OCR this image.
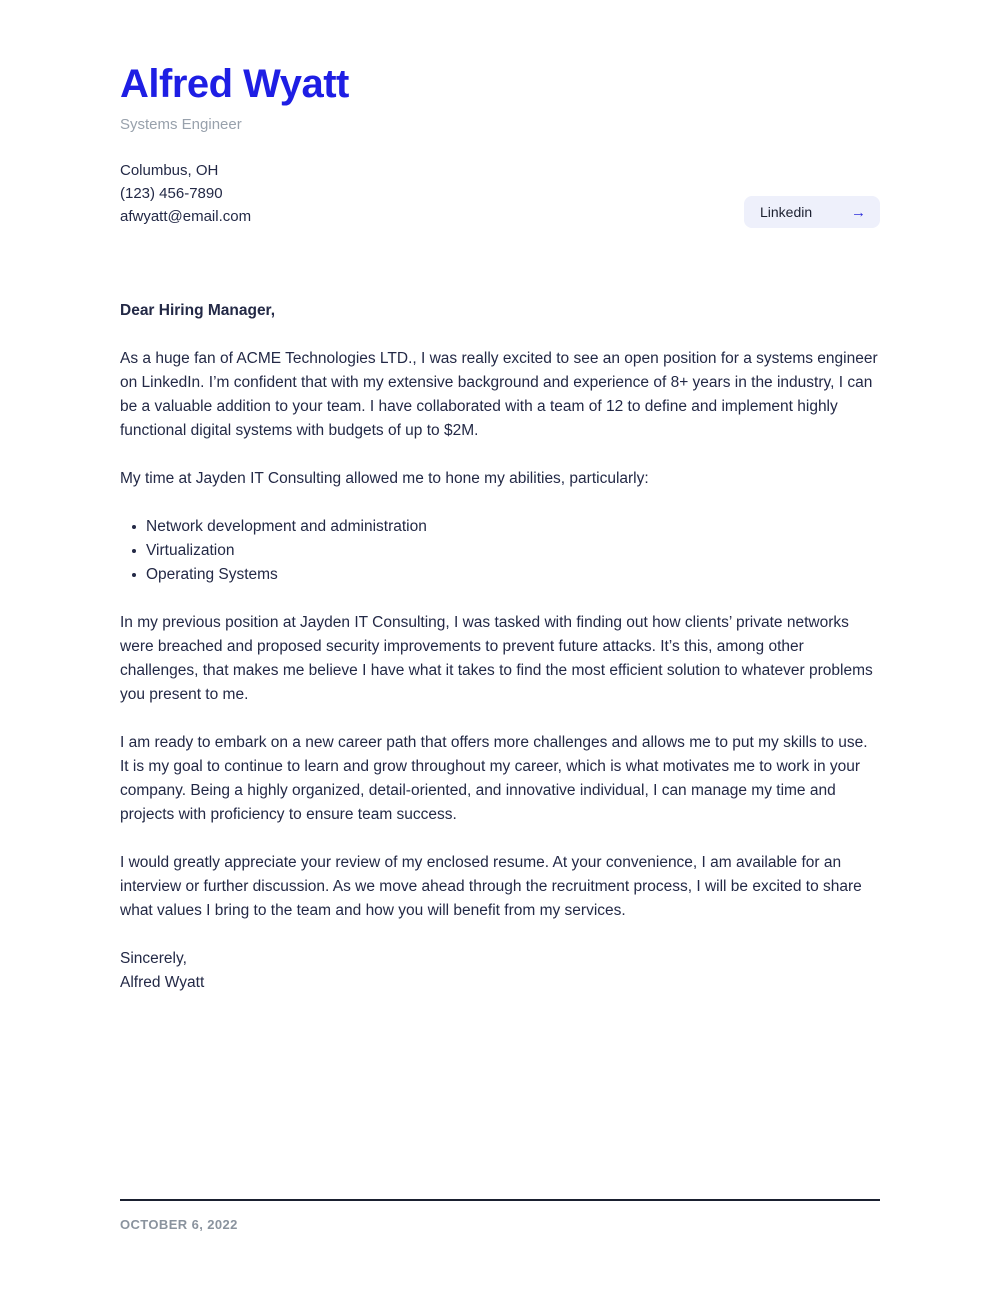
Alfred Wyatt
Systems Engineer
Columbus, OH
(123) 456-7890
afwyatt@email.com	Linkedin	→

Dear Hiring Manager,

As a huge fan of ACME Technologies LTD., I was really excited to see an open position for a systems engineer on LinkedIn. I’m confident that with my extensive background and experience of 8+ years in the industry, I can be a valuable addition to your team. I have collaborated with a team of 12 to define and implement highly functional digital systems with budgets of up to $2M.

My time at Jayden IT Consulting allowed me to hone my abilities, particularly:

Network development and administration
Virtualization
Operating Systems

In my previous position at Jayden IT Consulting, I was tasked with finding out how clients’ private networks were breached and proposed security improvements to prevent future attacks. It’s this, among other challenges, that makes me believe I have what it takes to find the most efficient solution to whatever problems you present to me.

I am ready to embark on a new career path that offers more challenges and allows me to put my skills to use. It is my goal to continue to learn and grow throughout my career, which is what motivates me to work in your company. Being a highly organized, detail-oriented, and innovative individual, I can manage my time and projects with proficiency to ensure team success.

I would greatly appreciate your review of my enclosed resume. At your convenience, I am available for an interview or further discussion. As we move ahead through the recruitment process, I will be excited to share what values I bring to the team and how you will benefit from my services.

Sincerely,
Alfred Wyatt

OCTOBER 6, 2022
